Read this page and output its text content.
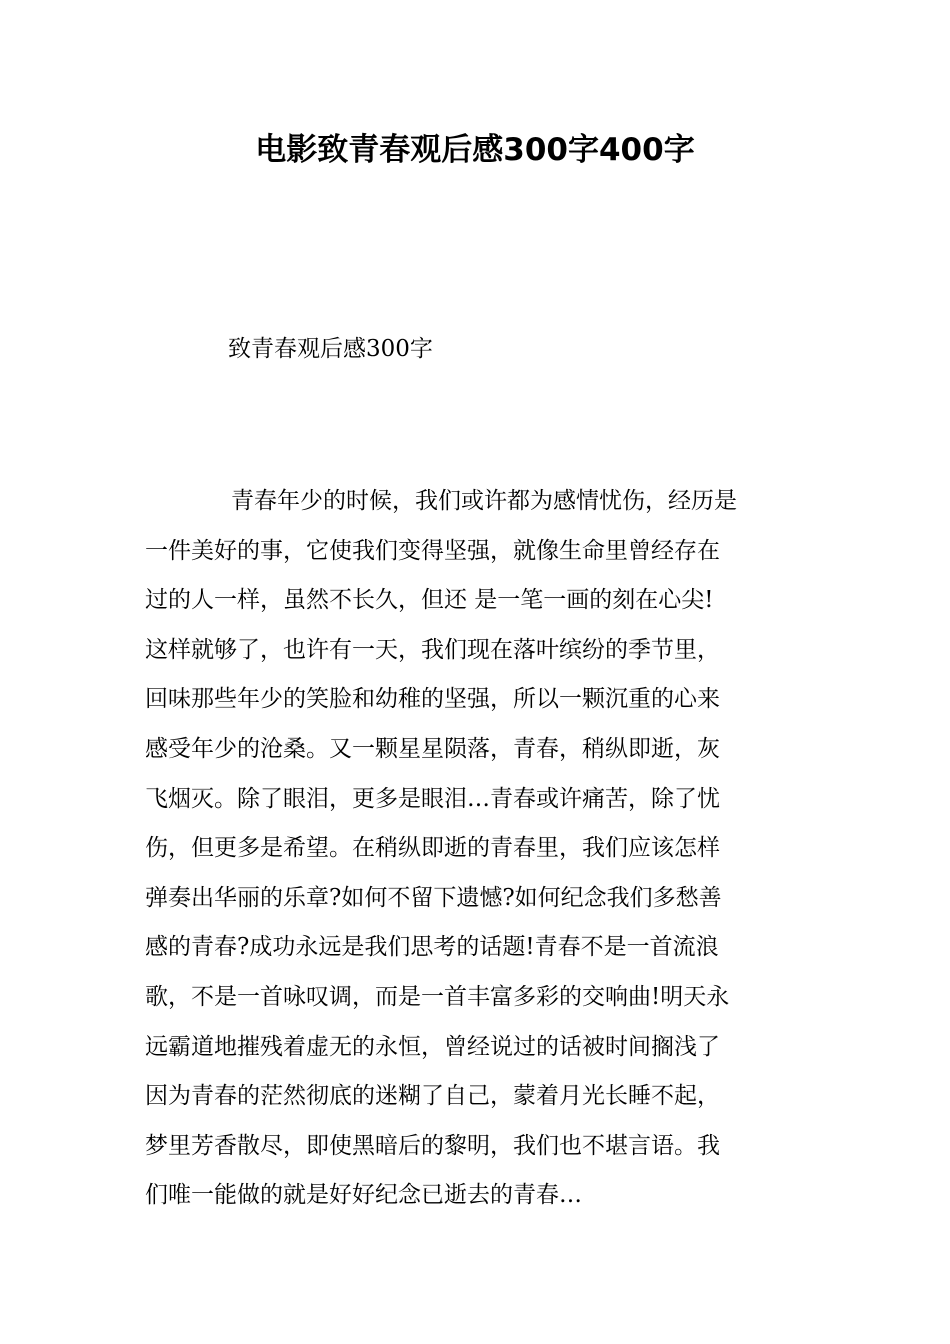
电影致青春观后感300字400字
致青春观后感300字
青春年少的时候，我们或许都为感情忧伤，经历是
一件美好的事，它使我们变得坚强，就像生命里曾经存在
过的人一样，虽然不长久，但还 是一笔一画的刻在心尖!
这样就够了，也许有一天，我们现在落叶缤纷的季节里，
回味那些年少的笑脸和幼稚的坚强，所以一颗沉重的心来
感受年少的沧桑。又一颗星星陨落，青春，稍纵即逝，灰
飞烟灭。除了眼泪，更多是眼泪…青春或许痛苦，除了忧
伤，但更多是希望。在稍纵即逝的青春里，我们应该怎样
弹奏出华丽的乐章?如何不留下遗憾?如何纪念我们多愁善
感的青春?成功永远是我们思考的话题!青春不是一首流浪
歌，不是一首咏叹调，而是一首丰富多彩的交响曲!明天永
远霸道地摧残着虚无的永恒，曾经说过的话被时间搁浅了
因为青春的茫然彻底的迷糊了自己，蒙着月光长睡不起，
梦里芳香散尽，即使黑暗后的黎明，我们也不堪言语。我
们唯一能做的就是好好纪念已逝去的青春…
